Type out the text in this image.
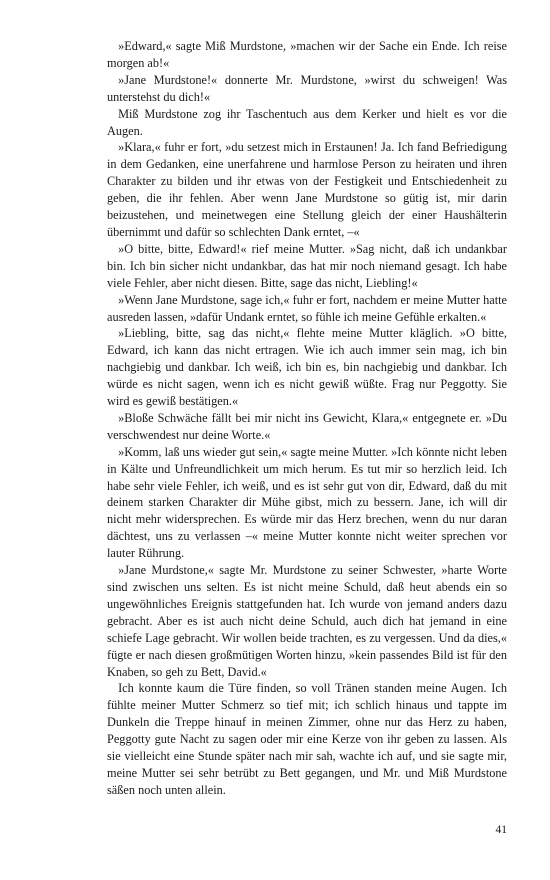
»Edward,« sagte Miß Murdstone, »machen wir der Sache ein Ende. Ich reise morgen ab!«

»Jane Murdstone!« donnerte Mr. Murdstone, »wirst du schweigen! Was unterstehst du dich!«

Miß Murdstone zog ihr Taschentuch aus dem Kerker und hielt es vor die Augen.

»Klara,« fuhr er fort, »du setzest mich in Erstaunen! Ja. Ich fand Befriedigung in dem Gedanken, eine unerfahrene und harmlose Person zu heiraten und ihren Charakter zu bilden und ihr etwas von der Festigkeit und Entschiedenheit zu geben, die ihr fehlen. Aber wenn Jane Murdstone so gütig ist, mir darin beizustehen, und meinetwegen eine Stellung gleich der einer Haushälterin übernimmt und dafür so schlechten Dank erntet, –«

»O bitte, bitte, Edward!« rief meine Mutter. »Sag nicht, daß ich undankbar bin. Ich bin sicher nicht undankbar, das hat mir noch niemand gesagt. Ich habe viele Fehler, aber nicht diesen. Bitte, sage das nicht, Liebling!«

»Wenn Jane Murdstone, sage ich,« fuhr er fort, nachdem er meine Mutter hatte ausreden lassen, »dafür Undank erntet, so fühle ich meine Gefühle erkalten.«

»Liebling, bitte, sag das nicht,« flehte meine Mutter kläglich. »O bitte, Edward, ich kann das nicht ertragen. Wie ich auch immer sein mag, ich bin nachgiebig und dankbar. Ich weiß, ich bin es, bin nachgiebig und dankbar. Ich würde es nicht sagen, wenn ich es nicht gewiß wüßte. Frag nur Peggotty. Sie wird es gewiß bestätigen.«

»Bloße Schwäche fällt bei mir nicht ins Gewicht, Klara,« entgegnete er. »Du verschwendest nur deine Worte.«

»Komm, laß uns wieder gut sein,« sagte meine Mutter. »Ich könnte nicht leben in Kälte und Unfreundlichkeit um mich herum. Es tut mir so herzlich leid. Ich habe sehr viele Fehler, ich weiß, und es ist sehr gut von dir, Edward, daß du mit deinem starken Charakter dir Mühe gibst, mich zu bessern. Jane, ich will dir nicht mehr widersprechen. Es würde mir das Herz brechen, wenn du nur daran dächtest, uns zu verlassen –« meine Mutter konnte nicht weiter sprechen vor lauter Rührung.

»Jane Murdstone,« sagte Mr. Murdstone zu seiner Schwester, »harte Worte sind zwischen uns selten. Es ist nicht meine Schuld, daß heut abends ein so ungewöhnliches Ereignis stattgefunden hat. Ich wurde von jemand anders dazu gebracht. Aber es ist auch nicht deine Schuld, auch dich hat jemand in eine schiefe Lage gebracht. Wir wollen beide trachten, es zu vergessen. Und da dies,« fügte er nach diesen großmütigen Worten hinzu, »kein passendes Bild ist für den Knaben, so geh zu Bett, David.«

Ich konnte kaum die Türe finden, so voll Tränen standen meine Augen. Ich fühlte meiner Mutter Schmerz so tief mit; ich schlich hinaus und tappte im Dunkeln die Treppe hinauf in meinen Zimmer, ohne nur das Herz zu haben, Peggotty gute Nacht zu sagen oder mir eine Kerze von ihr geben zu lassen. Als sie vielleicht eine Stunde später nach mir sah, wachte ich auf, und sie sagte mir, meine Mutter sei sehr betrübt zu Bett gegangen, und Mr. und Miß Murdstone säßen noch unten allein.

41
